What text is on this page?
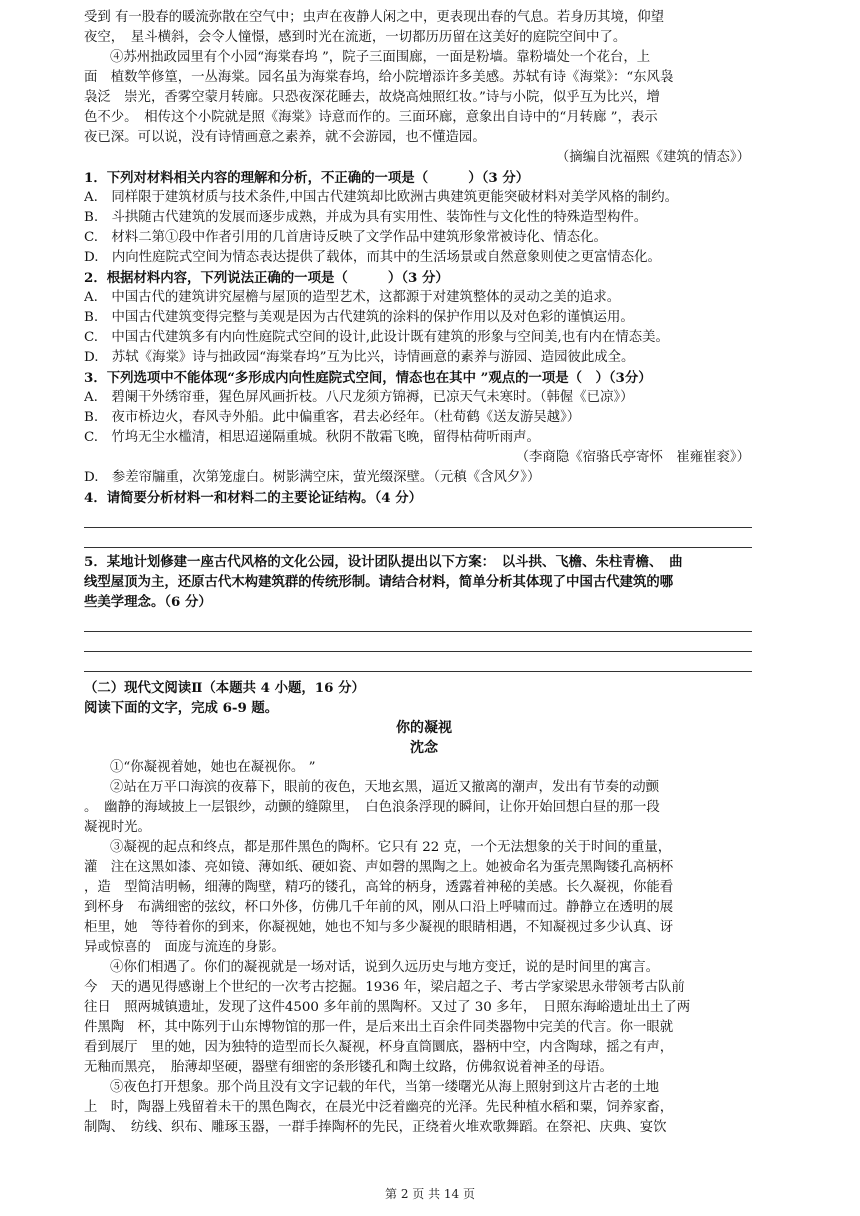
受到 有一股春的暖流弥散在空气中；虫声在夜静人闲之中，更表现出春的气息。若身历其境，仰望
夜空，　星斗横斜，会令人憧憬，感到时光在流逝，一切都历历留在这美好的庭院空间中了。
④苏州拙政园里有个小园“海棠春坞 ”，院子三面围廊，一面是粉墙。靠粉墙处一个花台，上
面　植数竿修篁，一丛海棠。园名虽为海棠春坞，给小院增添许多美感。苏轼有诗《海棠》：“东风袅
袅泛　崇光，香雾空蒙月转廊。只恐夜深花睡去，故烧高烛照红妆。”诗与小院，似乎互为比兴，增
色不少。　相传这个小院就是照《海棠》诗意而作的。三面环廊，意象出自诗中的“月转廊 ”，表示
夜已深。可以说，没有诗情画意之素养，就不会游园，也不懂造园。
（摘编自沈福熙《建筑的情态》）
1．下列对材料相关内容的理解和分析，不正确的一项是（　　　）（3 分）
A.　同样限于建筑材质与技术条件,中国古代建筑却比欧洲古典建筑更能突破材料对美学风格的制约。
B.　斗拱随古代建筑的发展而逐步成熟，并成为具有实用性、装饰性与文化性的特殊造型构件。
C.　材料二第①段中作者引用的几首唐诗反映了文学作品中建筑形象常被诗化、情态化。
D.　内向性庭院式空间为情态表达提供了载体，而其中的生活场景或自然意象则使之更富情态化。
2．根据材料内容，下列说法正确的一项是（　　　）（3 分）
A.　中国古代的建筑讲究屋檐与屋顶的造型艺术，这都源于对建筑整体的灵动之美的追求。
B.　中国古代建筑变得完整与美观是因为古代建筑的涂料的保护作用以及对色彩的谨慎运用。
C.　中国古代建筑多有内向性庭院式空间的设计,此设计既有建筑的形象与空间美,也有内在情态美。
D.　苏轼《海棠》诗与拙政园“海棠春坞”互为比兴，诗情画意的素养与游园、造园彼此成全。
3．下列选项中不能体现“多形成内向性庭院式空间，情态也在其中 ”观点的一项是（　）（3分）
A.　碧阑干外绣帘垂，猩色屏风画折枝。八尺龙须方锦褥，已凉天气未寒时。（韩偓《已凉》）
B.　夜市桥边火，春风寺外船。此中偏重客，君去必经年。（杜荀鹤《送友游吴越》）
C.　竹坞无尘水槛清，相思迢递隔重城。秋阴不散霜飞晚，留得枯荷听雨声。
（李商隐《宿骆氏亭寄怀　崔雍崔衮》）
D.　参差帘牖重，次第笼虚白。树影满空床，萤光缀深壁。（元稹《含风夕》）
4．请简要分析材料一和材料二的主要论证结构。（4 分）
5．某地计划修建一座古代风格的文化公园，设计团队提出以下方案：　以斗拱、飞檐、朱柱青檐、　曲
线型屋顶为主，还原古代木构建筑群的传统形制。请结合材料，简单分析其体现了中国古代建筑的哪
些美学理念。（6 分）
（二）现代文阅读Ⅱ（本题共 4 小题，16 分）
阅读下面的文字，完成 6-9 题。
你的凝视
沈念
①“你凝视着她，她也在凝视你。 ”
②站在万平口海滨的夜幕下，眼前的夜色，天地玄黑，逼近又撤离的潮声，发出有节奏的动颤
。　幽静的海域披上一层银纱，动颤的缝隙里，　白色浪条浮现的瞬间，让你开始回想白昼的那一段
凝视时光。
③凝视的起点和终点，都是那件黑色的陶杯。它只有 22 克，一个无法想象的关于时间的重量，
灌　注在这黑如漆、亮如镜、薄如纸、硬如瓷、声如磬的黑陶之上。她被命名为蛋壳黑陶镂孔高柄杯
，造　型简洁明畅，细薄的陶壁，精巧的镂孔，高耸的柄身，透露着神秘的美感。长久凝视，你能看
到杯身　布满细密的弦纹，杯口外侈，仿佛几千年前的风，刚从口沿上呼啸而过。静静立在透明的展
柜里，她　等待着你的到来，你凝视她，她也不知与多少凝视的眼睛相遇，不知凝视过多少认真、讶
异或惊喜的　面庞与流连的身影。
④你们相遇了。你们的凝视就是一场对话，说到久远历史与地方变迁，说的是时间里的寓言。
今　天的遇见得感谢上个世纪的一次考古挖掘。1936 年，梁启超之子、考古学家梁思永带领考古队前
往日　照两城镇遗址，发现了这件4500 多年前的黑陶杯。又过了 30 多年，　日照东海峪遗址出土了两
件黑陶　杯，其中陈列于山东博物馆的那一件，是后来出土百余件同类器物中完美的代言。你一眼就
看到展厅　里的她，因为独特的造型而长久凝视，杯身直筒圜底，器柄中空，内含陶球，摇之有声，
无釉而黑亮，　胎薄却坚硬，器壁有细密的条形镂孔和陶土纹路，仿佛叙说着神圣的母语。
⑤夜色打开想象。那个尚且没有文字记载的年代，当第一缕曙光从海上照射到这片古老的土地
上　时，陶器上残留着未干的黑色陶衣，在晨光中泛着幽亮的光泽。先民种植水稻和粟，饲养家畜，
制陶、　纺线、织布、雕琢玉器，一群手捧陶杯的先民，正绕着火堆欢歌舞蹈。在祭祀、庆典、宴饮
第 2 页 共 14 页
